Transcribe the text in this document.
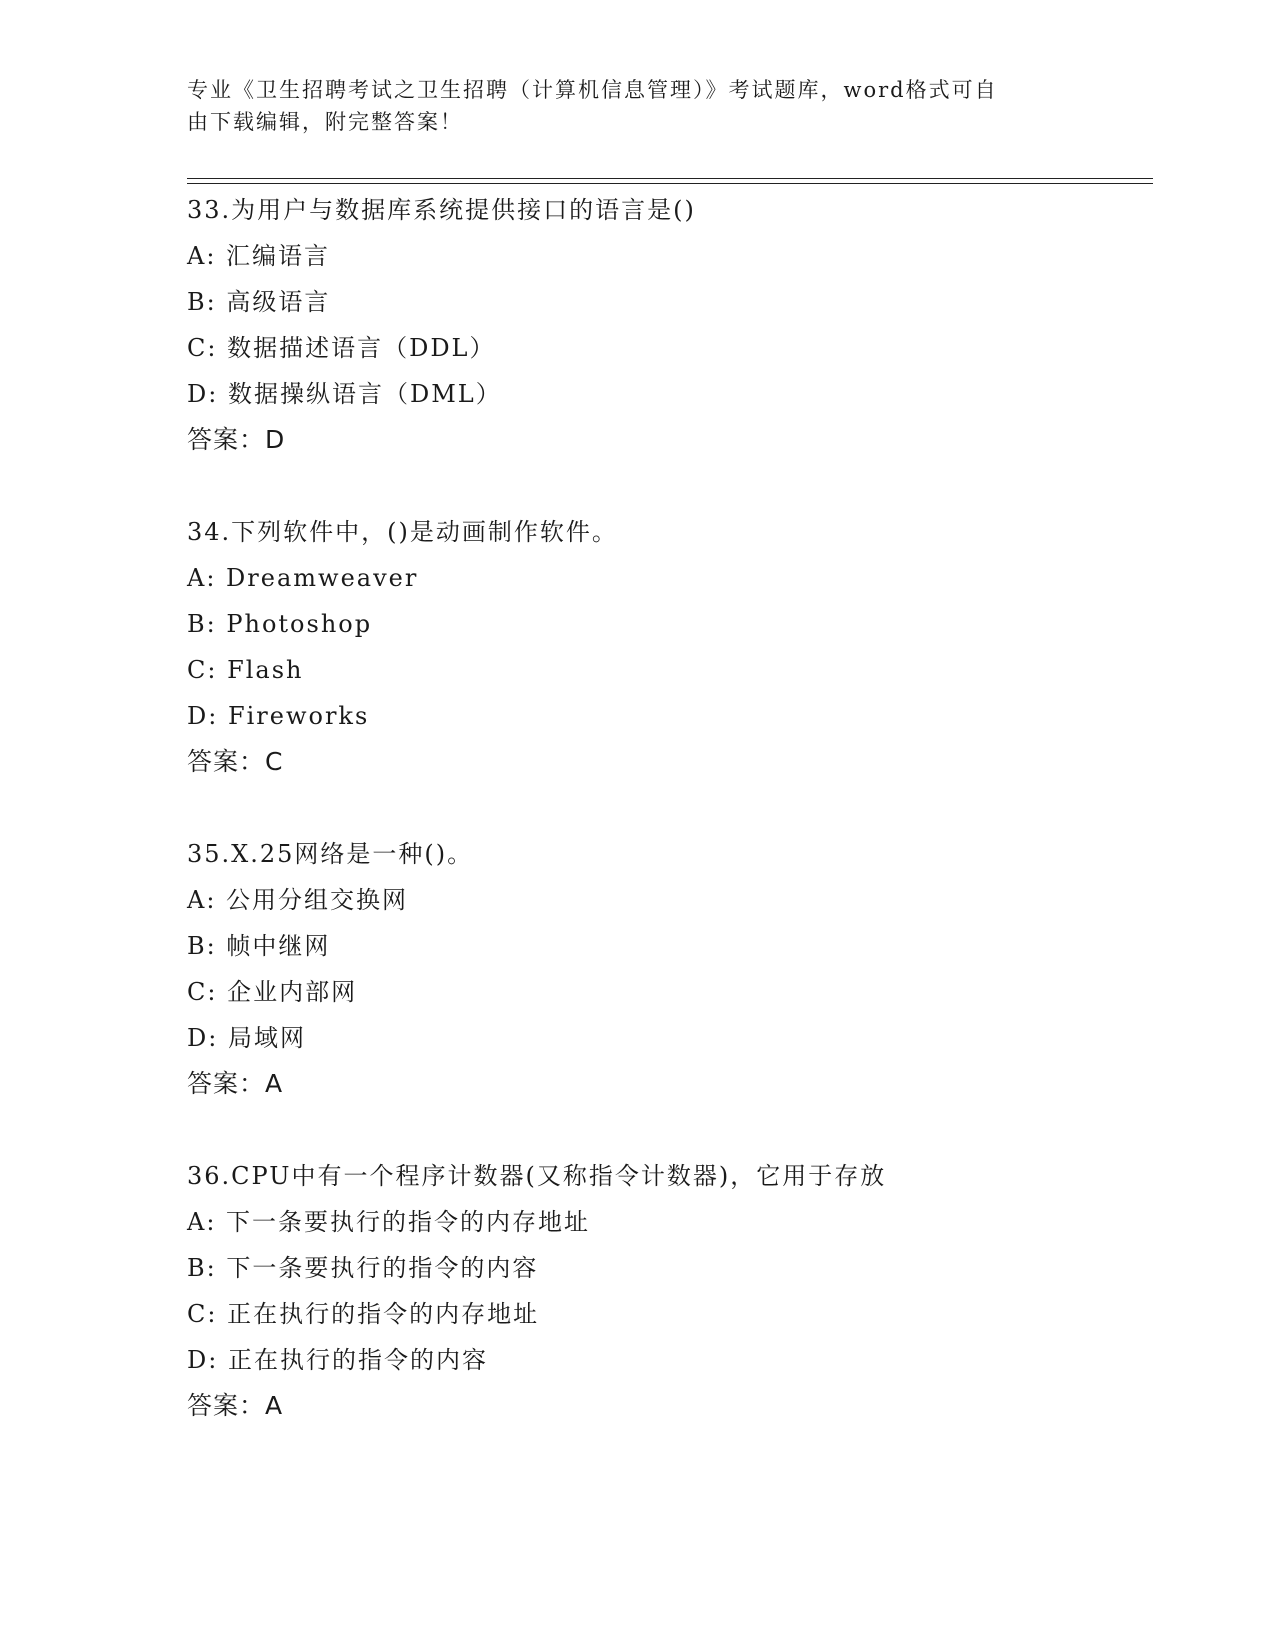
专业《卫生招聘考试之卫生招聘（计算机信息管理）》考试题库，word格式可自
由下载编辑，附完整答案！
33.为用户与数据库系统提供接口的语言是()
A: 汇编语言
B: 高级语言
C: 数据描述语言（DDL）
D: 数据操纵语言（DML）
答案：D
34.下列软件中，()是动画制作软件。
A: Dreamweaver
B: Photoshop
C: Flash
D: Fireworks
答案：C
35.X.25网络是一种()。
A: 公用分组交换网
B: 帧中继网
C: 企业内部网
D: 局域网
答案：A
36.CPU中有一个程序计数器(又称指令计数器)，它用于存放
A: 下一条要执行的指令的内存地址
B: 下一条要执行的指令的内容
C: 正在执行的指令的内存地址
D: 正在执行的指令的内容
答案：A
